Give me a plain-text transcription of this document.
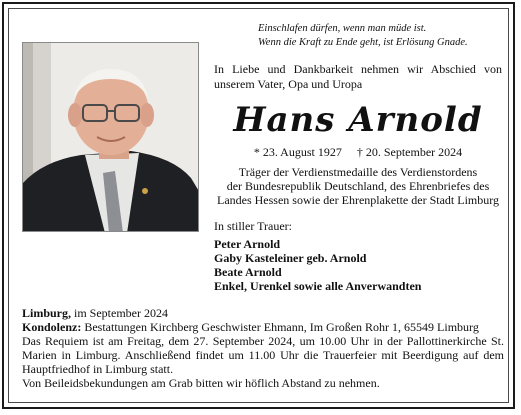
Einschlafen dürfen, wenn man müde ist.
Wenn die Kraft zu Ende geht, ist Erlösung Gnade.
In Liebe und Dankbarkeit nehmen wir Abschied von unserem Vater, Opa und Uropa
Hans Arnold
* 23. August 1927 † 20. September 2024
Träger der Verdienstmedaille des Verdienstordens
der Bundesrepublik Deutschland, des Ehrenbriefes des
Landes Hessen sowie der Ehrenplakette der Stadt Limburg
In stiller Trauer:
Peter Arnold
Gaby Kasteleiner geb. Arnold
Beate Arnold
Enkel, Urenkel sowie alle Anverwandten
Limburg, im September 2024
Kondolenz: Bestattungen Kirchberg Geschwister Ehmann, Im Großen Rohr 1, 65549 Limburg
Das Requiem ist am Freitag, dem 27. September 2024, um 10.00 Uhr in der Pallottinerkirche St. Marien in Limburg. Anschließend findet um 11.00 Uhr die Trauerfeier mit Beerdigung auf dem Hauptfriedhof in Limburg statt.
Von Beileidsbekundungen am Grab bitten wir höflich Abstand zu nehmen.
